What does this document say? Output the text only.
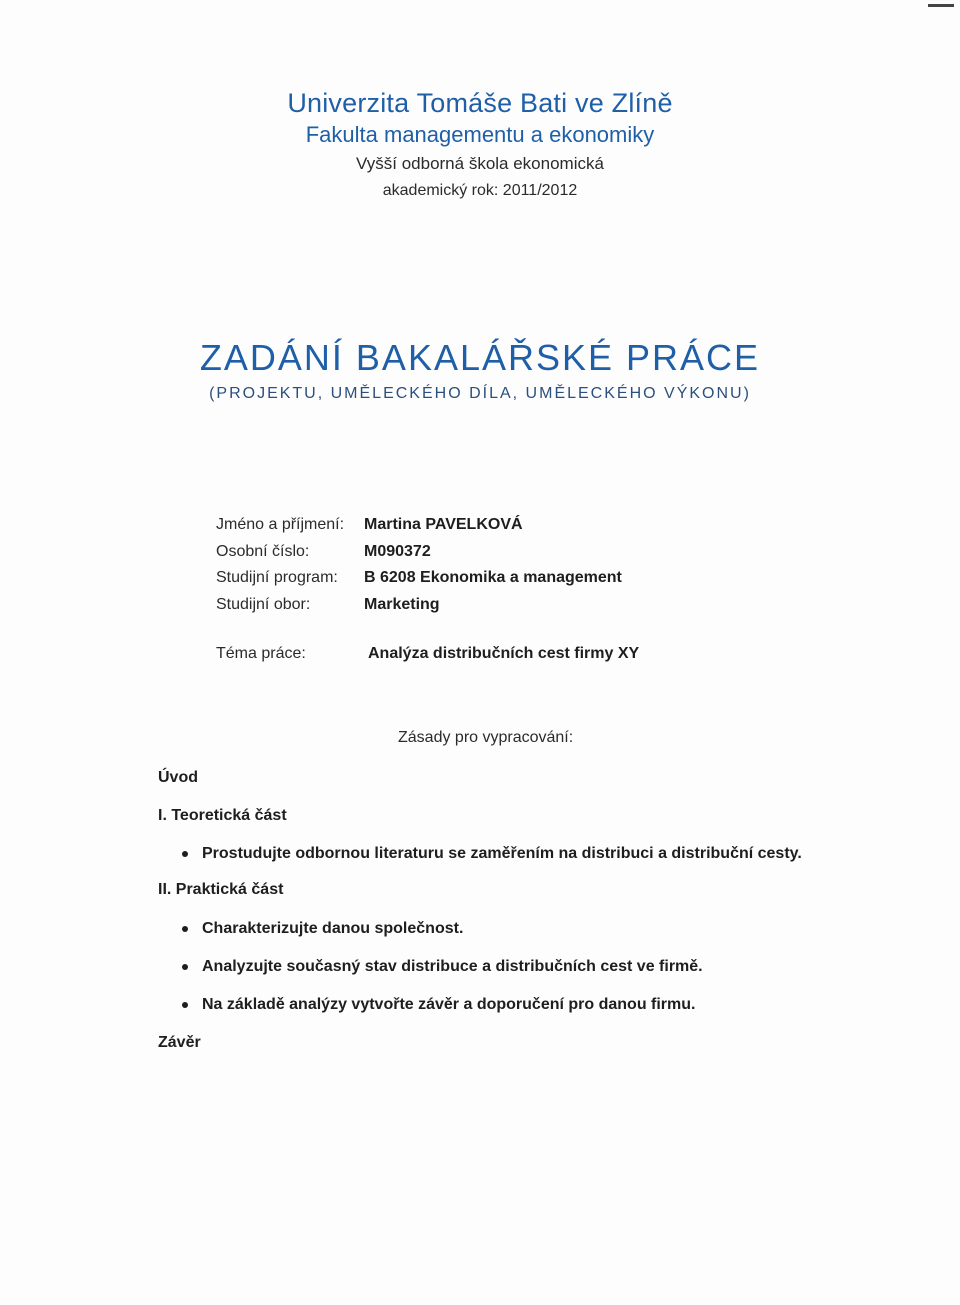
Univerzita Tomáše Bati ve Zlíně
Fakulta managementu a ekonomiky
Vyšší odborná škola ekonomická
akademický rok: 2011/2012
ZADÁNÍ BAKALÁŘSKÉ PRÁCE
(PROJEKTU, UMĚLECKÉHO DÍLA, UMĚLECKÉHO VÝKONU)
Jméno a příjmení:	Martina PAVELKOVÁ
Osobní číslo:	M090372
Studijní program:	B 6208 Ekonomika a management
Studijní obor:	Marketing
Téma práce:	Analýza distribučních cest firmy XY
Zásady pro vypracování:
Úvod
I. Teoretická část
Prostudujte odbornou literaturu se zaměřením na distribuci a distribuční cesty.
II. Praktická část
Charakterizujte danou společnost.
Analyzujte současný stav distribuce a distribučních cest ve firmě.
Na základě analýzy vytvořte závěr a doporučení pro danou firmu.
Závěr
